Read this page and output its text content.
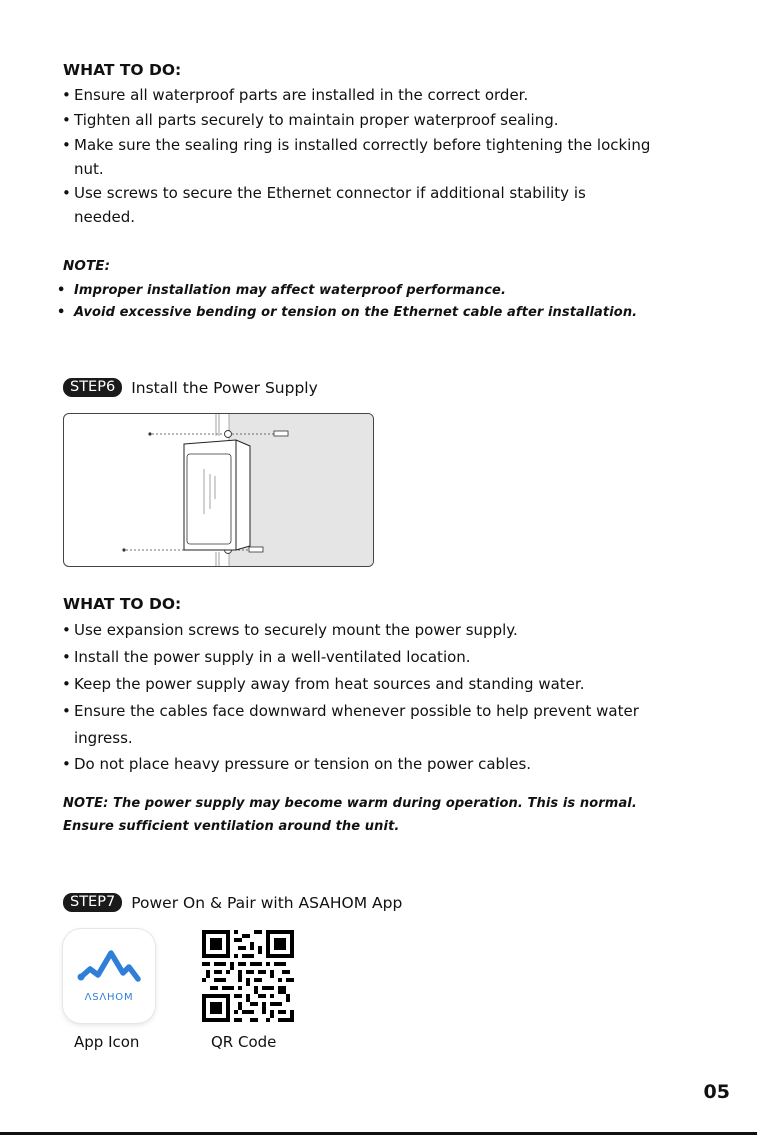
WHAT TO DO:
• Ensure all waterproof parts are installed in the correct order.
• Tighten all parts securely to maintain proper waterproof sealing.
• Make sure the sealing ring is installed correctly before tightening the locking
nut.
• Use screws to secure the Ethernet connector if additional stability is
needed.
NOTE:
• Improper installation may affect waterproof performance.
• Avoid excessive bending or tension on the Ethernet cable after installation.
STEP6	Install the Power Supply
WHAT TO DO:
• Use expansion screws to securely mount the power supply.
• Install the power supply in a well-ventilated location.
• Keep the power supply away from heat sources and standing water.
• Ensure the cables face downward whenever possible to help prevent water
ingress.
• Do not place heavy pressure or tension on the power cables.
NOTE: The power supply may become warm during operation. This is normal.
Ensure sufficient ventilation around the unit.
STEP7	Power On & Pair with ASAHOM App
ΛSΛHOM
App Icon	QR Code
05
